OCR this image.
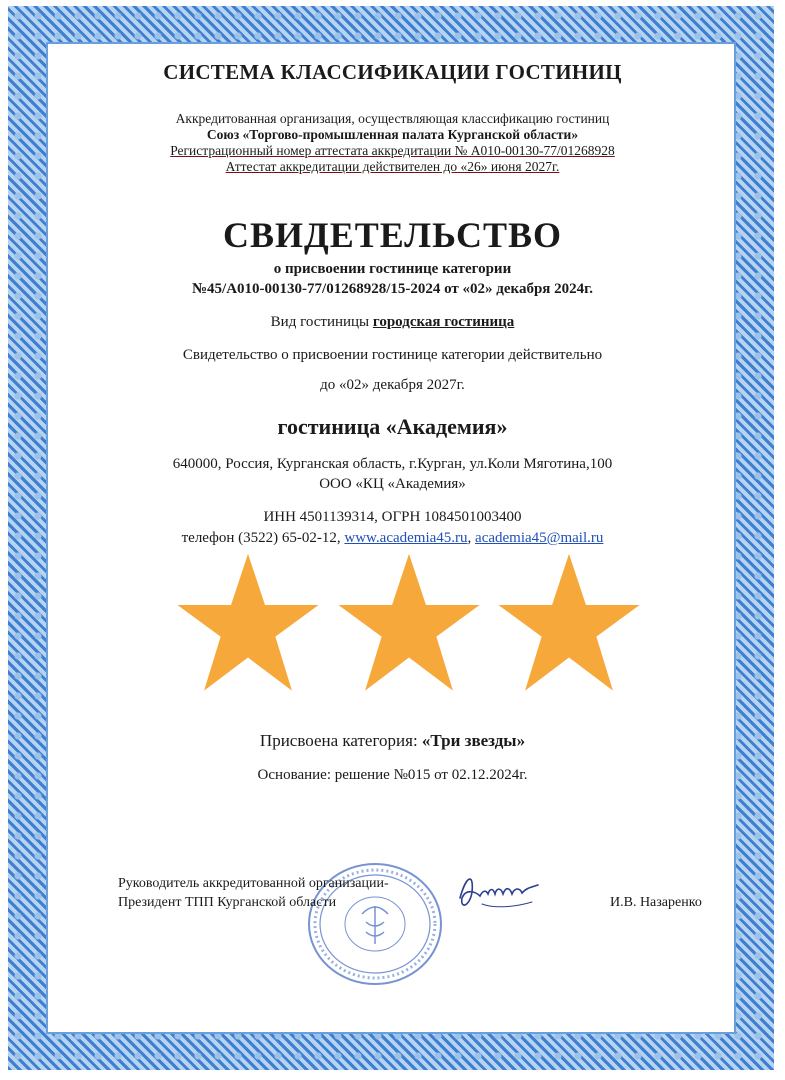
СИСТЕМА КЛАССИФИКАЦИИ ГОСТИНИЦ
Аккредитованная организация, осуществляющая классификацию гостиниц
Союз «Торгово-промышленная палата Курганской области»
Регистрационный номер аттестата аккредитации № А010-00130-77/01268928
Аттестат аккредитации действителен до «26» июня 2027г.
СВИДЕТЕЛЬСТВО
о присвоении гостинице категории
№45/А010-00130-77/01268928/15-2024 от «02» декабря 2024г.
Вид гостиницы городская гостиница
Свидетельство о присвоении гостинице категории действительно
до «02» декабря 2027г.
гостиница «Академия»
640000, Россия, Курганская область, г.Курган, ул.Коли Мяготина,100
ООО «КЦ «Академия»
ИНН 4501139314, ОГРН 1084501003400
телефон (3522) 65-02-12, www.academia45.ru, academia45@mail.ru
Присвоена категория: «Три звезды»
Основание: решение №015 от 02.12.2024г.
Руководитель аккредитованной организации-
Президент ТПП Курганской области	И.В. Назаренко
